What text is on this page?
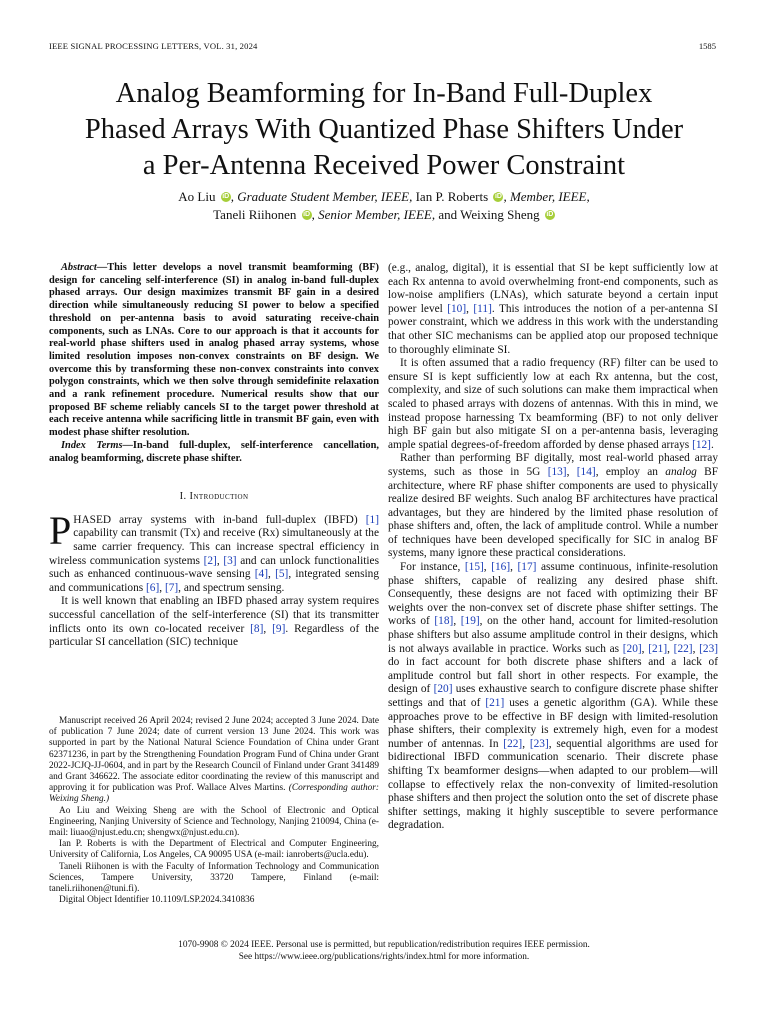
IEEE SIGNAL PROCESSING LETTERS, VOL. 31, 2024	1585
Analog Beamforming for In-Band Full-Duplex
Phased Arrays With Quantized Phase Shifters Under
a Per-Antenna Received Power Constraint
Ao Liu iD , Graduate Student Member, IEEE, Ian P. Roberts iD , Member, IEEE,
Taneli Riihonen iD , Senior Member, IEEE, and Weixing Sheng iD

Abstract—This letter develops a novel transmit beamforming (BF) design for canceling self-interference (SI) in analog in-band full-duplex phased arrays. Our design maximizes transmit BF gain in a desired direction while simultaneously reducing SI power to below a specified threshold on per-antenna basis to avoid saturating receive-chain components, such as LNAs. Core to our approach is that it accounts for real-world phase shifters used in analog phased array systems, whose limited resolution imposes non-convex constraints on BF design. We overcome this by transforming these non-convex constraints into convex polygon constraints, which we then solve through semidefinite relaxation and a rank refinement procedure. Numerical results show that our proposed BF scheme reliably cancels SI to the target power threshold at each receive antenna while sacrificing little in transmit BF gain, even with modest phase shifter resolution.

Index Terms—In-band full-duplex, self-interference cancellation, analog beamforming, discrete phase shifter.

I. Introduction

PHASED array systems with in-band full-duplex (IBFD) [1] capability can transmit (Tx) and receive (Rx) simultaneously at the same carrier frequency. This can increase spectral efficiency in wireless communication systems [2], [3] and can unlock functionalities such as enhanced continuous-wave sensing [4], [5], integrated sensing and communications [6], [7], and spectrum sensing.

It is well known that enabling an IBFD phased array system requires successful cancellation of the self-interference (SI) that its transmitter inflicts onto its own co-located receiver [8], [9]. Regardless of the particular SI cancellation (SIC) technique

Manuscript received 26 April 2024; revised 2 June 2024; accepted 3 June 2024. Date of publication 7 June 2024; date of current version 13 June 2024. This work was supported in part by the National Natural Science Foundation of China under Grant 62371236, in part by the Strengthening Foundation Program Fund of China under Grant 2022-JCJQ-JJ-0604, and in part by the Research Council of Finland under Grant 341489 and Grant 346622. The associate editor coordinating the review of this manuscript and approving it for publication was Prof. Wallace Alves Martins. (Corresponding author: Weixing Sheng.)

Ao Liu and Weixing Sheng are with the School of Electronic and Optical Engineering, Nanjing University of Science and Technology, Nanjing 210094, China (e-mail: liuao@njust.edu.cn; shengwx@njust.edu.cn).

Ian P. Roberts is with the Department of Electrical and Computer Engineering, University of California, Los Angeles, CA 90095 USA (e-mail: ianroberts@ucla.edu).

Taneli Riihonen is with the Faculty of Information Technology and Communication Sciences, Tampere University, 33720 Tampere, Finland (e-mail: taneli.riihonen@tuni.fi).

Digital Object Identifier 10.1109/LSP.2024.3410836

(e.g., analog, digital), it is essential that SI be kept sufficiently low at each Rx antenna to avoid overwhelming front-end components, such as low-noise amplifiers (LNAs), which saturate beyond a certain input power level [10], [11]. This introduces the notion of a per-antenna SI power constraint, which we address in this work with the understanding that other SIC mechanisms can be applied atop our proposed technique to thoroughly eliminate SI.

It is often assumed that a radio frequency (RF) filter can be used to ensure SI is kept sufficiently low at each Rx antenna, but the cost, complexity, and size of such solutions can make them impractical when scaled to phased arrays with dozens of antennas. With this in mind, we instead propose harnessing Tx beamforming (BF) to not only deliver high BF gain but also mitigate SI on a per-antenna basis, leveraging ample spatial degrees-of-freedom afforded by dense phased arrays [12].

Rather than performing BF digitally, most real-world phased array systems, such as those in 5G [13], [14], employ an analog BF architecture, where RF phase shifter components are used to physically realize desired BF weights. Such analog BF architectures have practical advantages, but they are hindered by the limited phase resolution of phase shifters and, often, the lack of amplitude control. While a number of techniques have been developed specifically for SIC in analog BF systems, many ignore these practical considerations.

For instance, [15], [16], [17] assume continuous, infinite-resolution phase shifters, capable of realizing any desired phase shift. Consequently, these designs are not faced with optimizing their BF weights over the non-convex set of discrete phase shifter settings. The works of [18], [19], on the other hand, account for limited-resolution phase shifters but also assume amplitude control in their designs, which is not always available in practice. Works such as [20], [21], [22], [23] do in fact account for both discrete phase shifters and a lack of amplitude control but fall short in other respects. For example, the design of [20] uses exhaustive search to configure discrete phase shifter settings and that of [21] uses a genetic algorithm (GA). While these approaches prove to be effective in BF design with limited-resolution phase shifters, their complexity is extremely high, even for a modest number of antennas. In [22], [23], sequential algorithms are used for bidirectional IBFD communication scenario. Their discrete phase shifting Tx beamformer designs—when adapted to our problem—will collapse to effectively relax the non-convexity of limited-resolution phase shifters and then project the solution onto the set of discrete phase shifter settings, making it highly susceptible to severe performance degradation.

1070-9908 © 2024 IEEE. Personal use is permitted, but republication/redistribution requires IEEE permission.
See https://www.ieee.org/publications/rights/index.html for more information.
